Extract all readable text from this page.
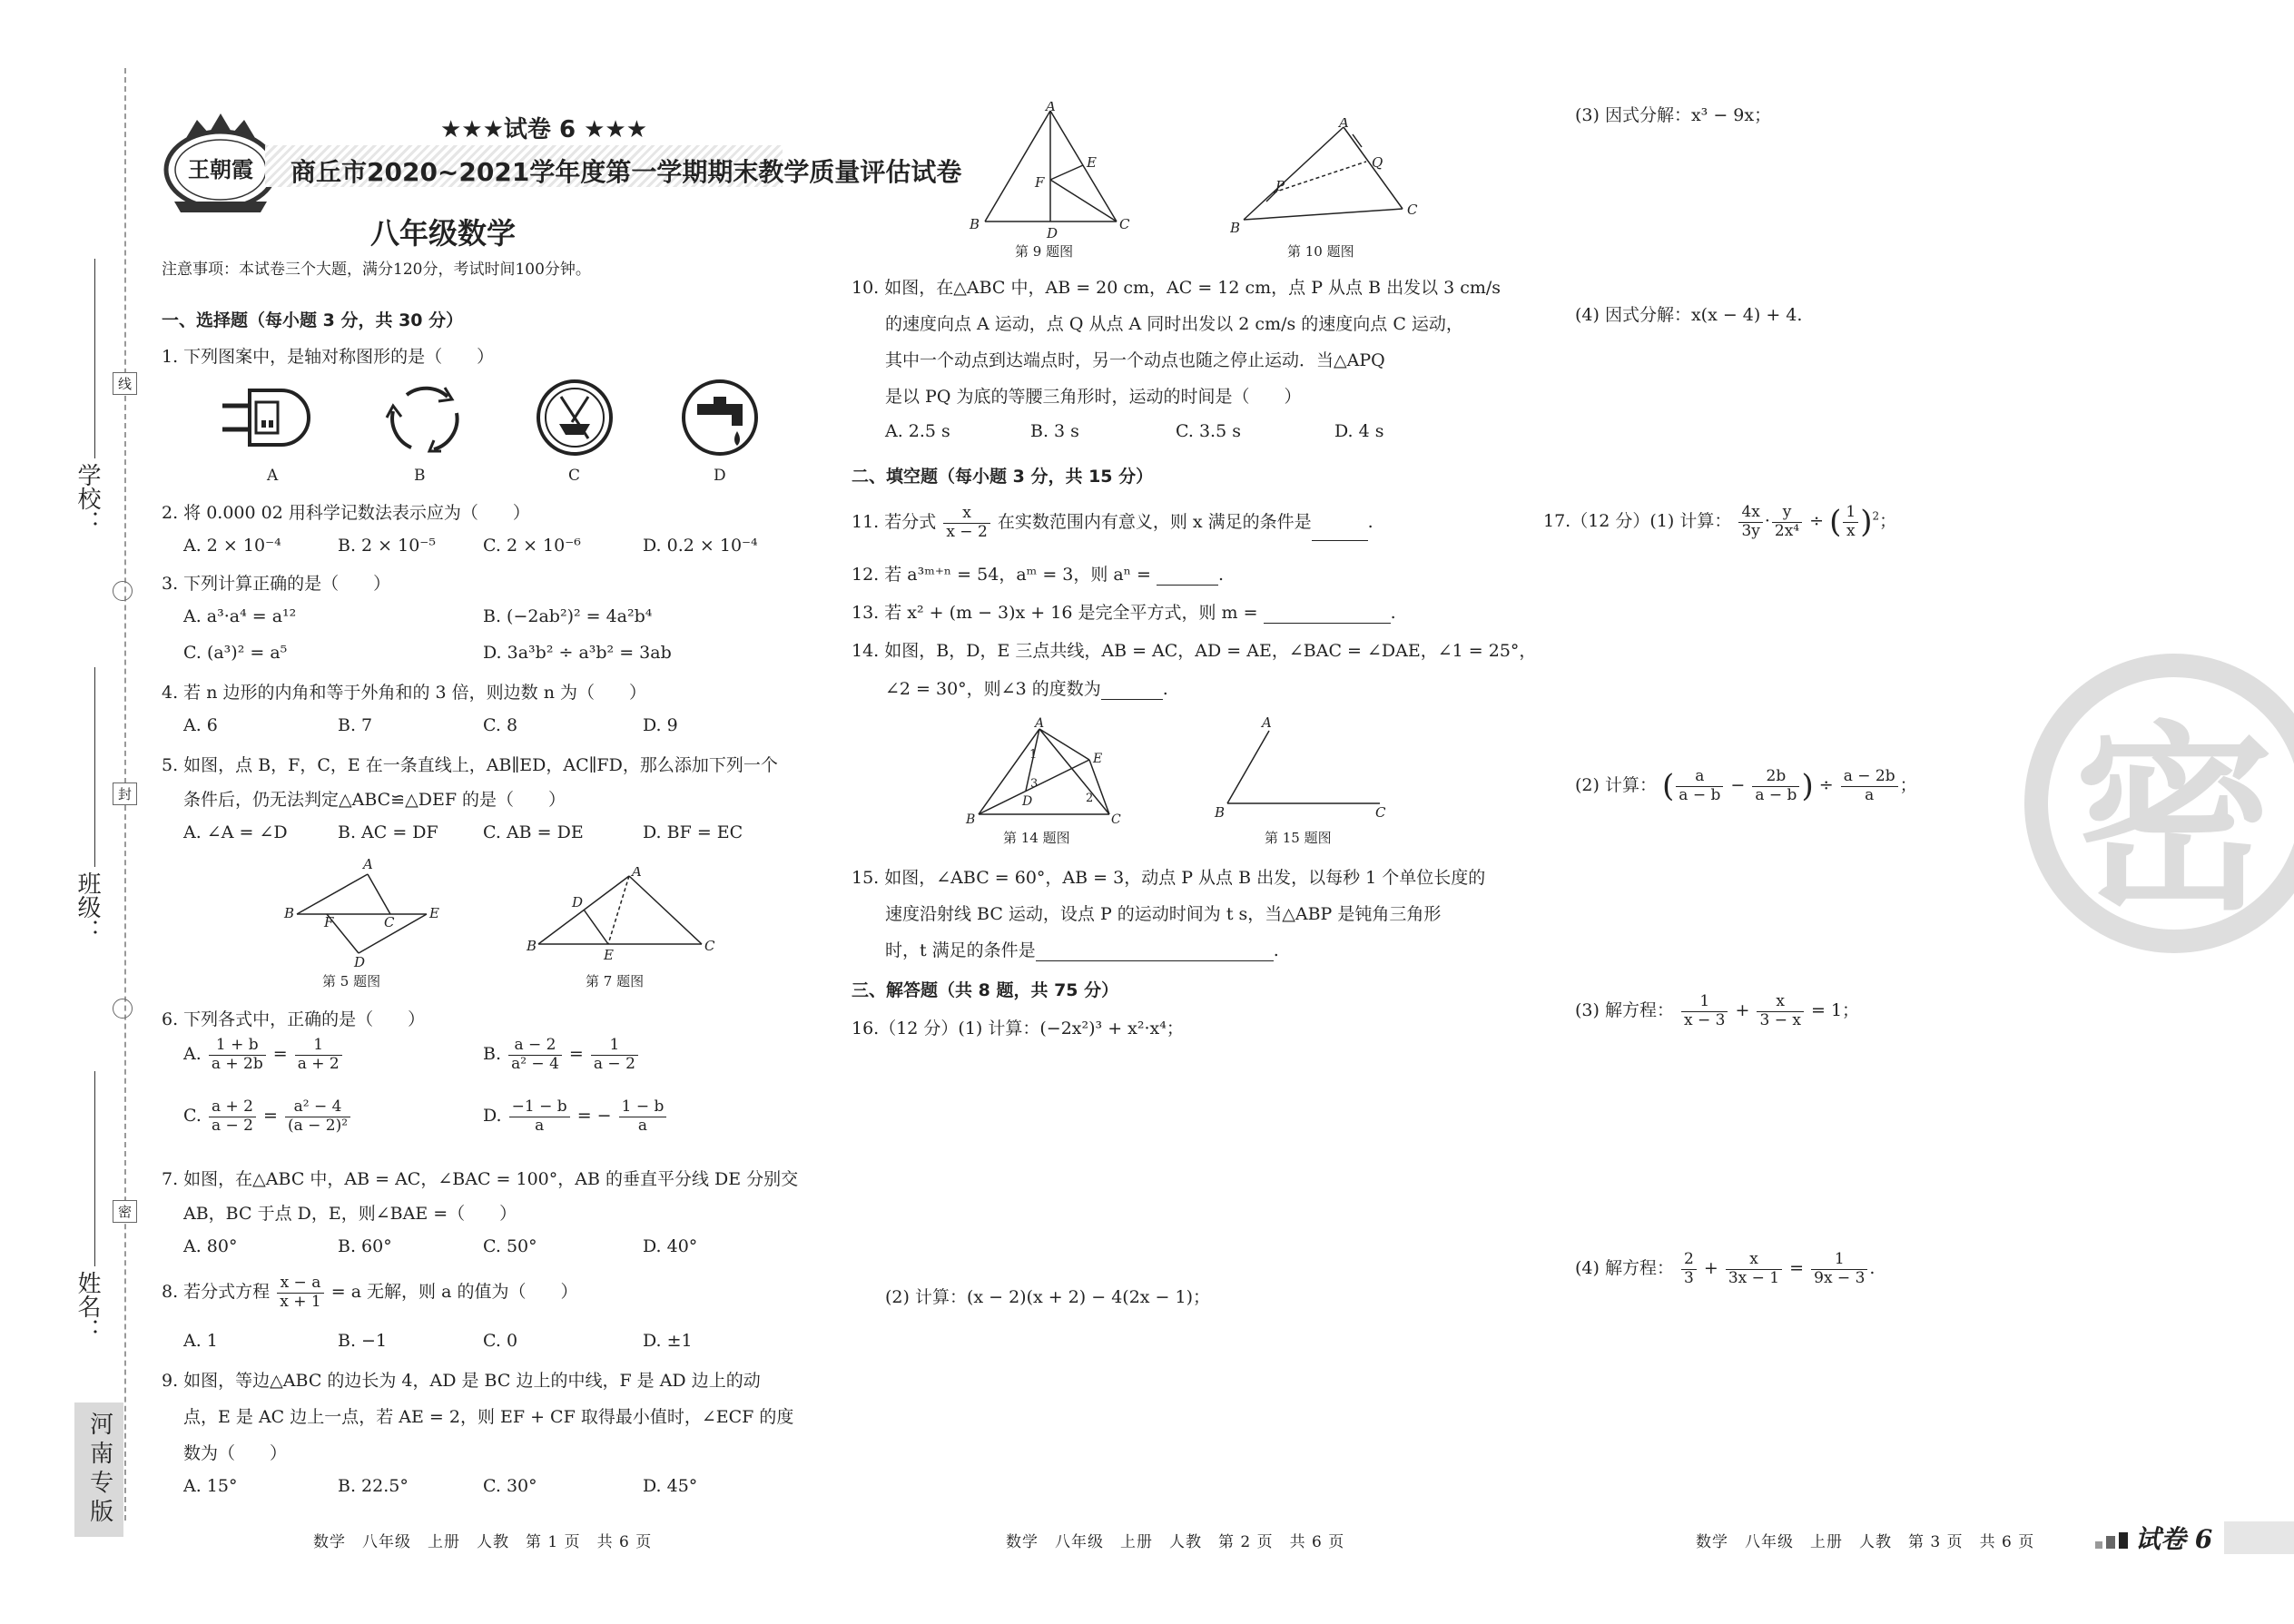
学校：
班级：
姓名：
线
封
密
河南专版
王朝霞
★★★试卷 6 ★★★
商丘市2020~2021学年度第一学期期末教学质量评估试卷
八年级数学
注意事项：本试卷三个大题，满分120分，考试时间100分钟。
一、选择题（每小题 3 分，共 30 分）
1. 下列图案中，是轴对称图形的是（　　）
A	B	C	D
2. 将 0.000 02 用科学记数法表示应为（　　）
A. 2 × 10⁻⁴	B. 2 × 10⁻⁵	C. 2 × 10⁻⁶	D. 0.2 × 10⁻⁴
3. 下列计算正确的是（　　）
A. a³·a⁴ = a¹²	B. (−2ab²)² = 4a²b⁴
C. (a³)² = a⁵	D. 3a³b² ÷ a³b² = 3ab
4. 若 n 边形的内角和等于外角和的 3 倍，则边数 n 为（　　）
A. 6	B. 7	C. 8	D. 9
5. 如图，点 B，F，C，E 在一条直线上，AB∥ED，AC∥FD，那么添加下列一个
条件后，仍无法判定△ABC≌△DEF 的是（　　）
A. ∠A = ∠D	B. AC = DF	C. AB = DE	D. BF = EC
A
B
F	C
E
D
第 5 题图
A
B
D
E
C
第 7 题图
6. 下列各式中，正确的是（　　）
A. $\frac{1 + b}{a + 2b} = \frac{1}{a + 2}$	B. $\frac{a - 2}{\text{a² − 4}} = \frac{1}{a - 2}$
C. $\frac{a + 2}{a - 2} = \frac{\text{a² − 4}}{\text{(a − 2)²}}$	D. $\frac{-1 - b}{a}$ = − $\frac{1 - b}{a}$
7. 如图，在△ABC 中，AB = AC，∠BAC = 100°，AB 的垂直平分线 DE 分别交
AB，BC 于点 D，E，则∠BAE =（　　）
A. 80°	B. 60°	C. 50°	D. 40°
8. 若分式方程 $\frac{x - a}{x + 1} = a$ 无解，则 a 的值为（　　）
A. 1	B. −1	C. 0	D. ±1
9. 如图，等边△ABC 的边长为 4，AD 是 BC 边上的中线，F 是 AD 边上的动
点，E 是 AC 边上一点，若 AE = 2，则 EF + CF 取得最小值时，∠ECF 的度
数为（　　）
A. 15°	B. 22.5°	C. 30°	D. 45°
数学　八年级　上册　人教　第 1 页　共 6 页
A
B
D
C
E
F
第 9 题图
A
B
P
Q
C
第 10 题图
10. 如图，在△ABC 中，AB = 20 cm，AC = 12 cm，点 P 从点 B 出发以 3 cm/s
的速度向点 A 运动，点 Q 从点 A 同时出发以 2 cm/s 的速度向点 C 运动，
其中一个动点到达端点时，另一个动点也随之停止运动．当△APQ
是以 PQ 为底的等腰三角形时，运动的时间是（　　）
A. 2.5 s	B. 3 s	C. 3.5 s	D. 4 s
二、填空题（每小题 3 分，共 15 分）
11. 若分式 $\frac{x}{x - 2}$ 在实数范围内有意义，则 x 满足的条件是	.
12. 若 a³ᵐ⁺ⁿ = 54，aᵐ = 3，则 aⁿ =	.
13. 若 x² + (m − 3)x + 16 是完全平方式，则 m =	.
14. 如图，B，D，E 三点共线，AB = AC，AD = AE，∠BAC = ∠DAE，∠1 = 25°，
∠2 = 30°，则∠3 的度数为	.
A
B
D
E
C
1
3
2
第 14 题图
A
B	C
第 15 题图
15. 如图，∠ABC = 60°，AB = 3，动点 P 从点 B 出发，以每秒 1 个单位长度的
速度沿射线 BC 运动，设点 P 的运动时间为 t s，当△ABP 是钝角三角形
时，t 满足的条件是	.
三、解答题（共 8 题，共 75 分）
16.（12 分）(1) 计算：(−2x²)³ + x²·x⁴；
(2) 计算：(x − 2)(x + 2) − 4(2x − 1)；
数学　八年级　上册　人教　第 2 页　共 6 页
(3) 因式分解：x³ − 9x；
(4) 因式分解：x(x − 4) + 4.
17.（12 分）(1) 计算： $\frac{4x}{3y} \cdot \frac{y}{\text{2x⁴}}$ ÷ ( $\frac{1}{x} )^2$；
(2) 计算： ( $\frac{a}{a - b} - \frac{2b}{a - b}$ ) ÷ $\frac{a - 2b}{a}$ ；
(3) 解方程： $\frac{1}{x - 3} + \frac{x}{3 - x} = 1$；
(4) 解方程： $\frac{2}{3} + \frac{x}{3x - 1} = \frac{1}{9x - 3}$ .
密
数学　八年级　上册　人教　第 3 页　共 6 页	试卷 6
